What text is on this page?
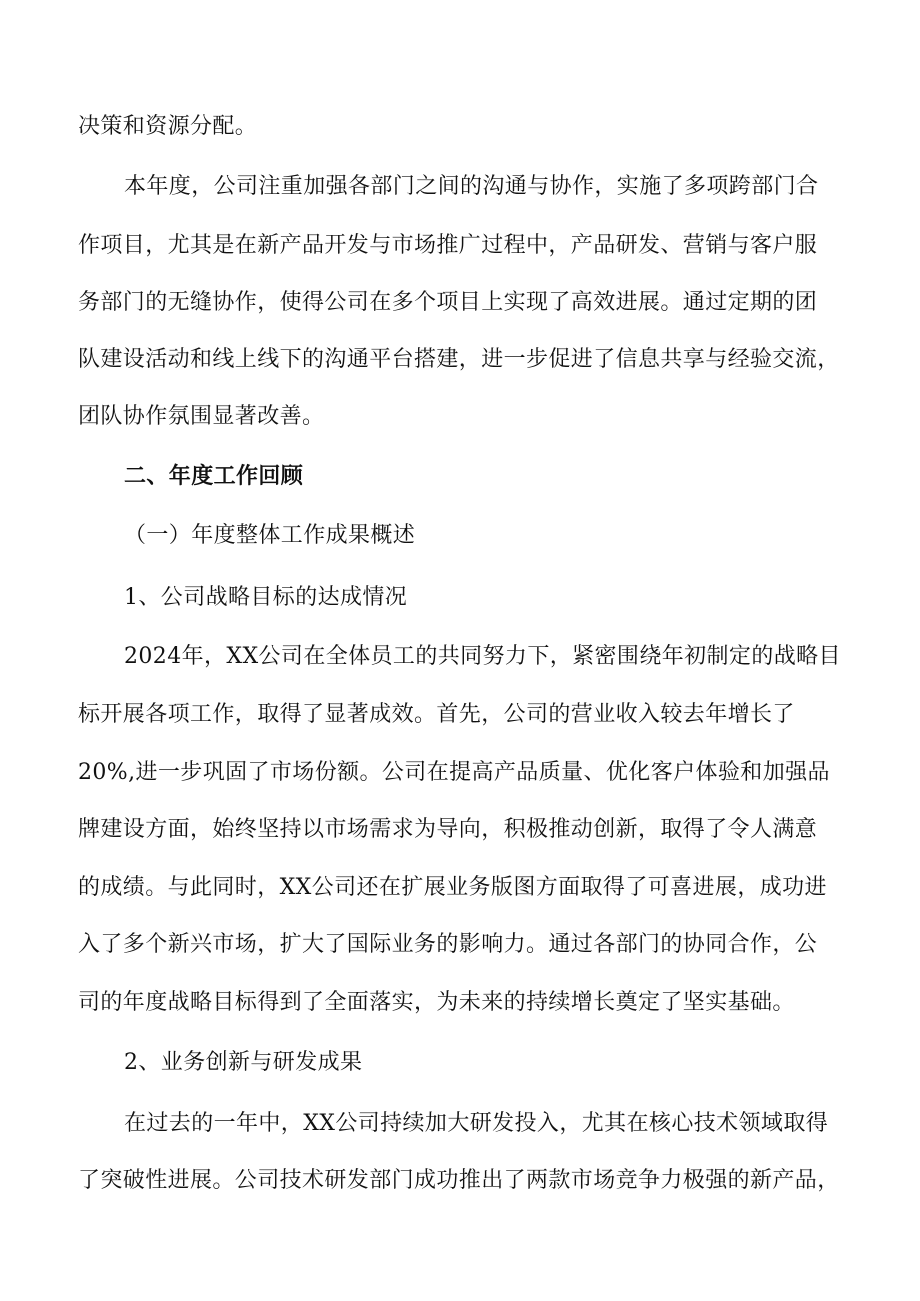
决策和资源分配。
本年度，公司注重加强各部门之间的沟通与协作，实施了多项跨部门合
作项目，尤其是在新产品开发与市场推广过程中，产品研发、营销与客户服
务部门的无缝协作，使得公司在多个项目上实现了高效进展。通过定期的团
队建设活动和线上线下的沟通平台搭建，进一步促进了信息共享与经验交流，
团队协作氛围显著改善。
二、年度工作回顾
（一）年度整体工作成果概述
1、公司战略目标的达成情况
2024年，XX公司在全体员工的共同努力下，紧密围绕年初制定的战略目
标开展各项工作，取得了显著成效。首先，公司的营业收入较去年增长了
20%,进一步巩固了市场份额。公司在提高产品质量、优化客户体验和加强品
牌建设方面，始终坚持以市场需求为导向，积极推动创新，取得了令人满意
的成绩。与此同时，XX公司还在扩展业务版图方面取得了可喜进展，成功进
入了多个新兴市场，扩大了国际业务的影响力。通过各部门的协同合作，公
司的年度战略目标得到了全面落实，为未来的持续增长奠定了坚实基础。
2、业务创新与研发成果
在过去的一年中，XX公司持续加大研发投入，尤其在核心技术领域取得
了突破性进展。公司技术研发部门成功推出了两款市场竞争力极强的新产品，
